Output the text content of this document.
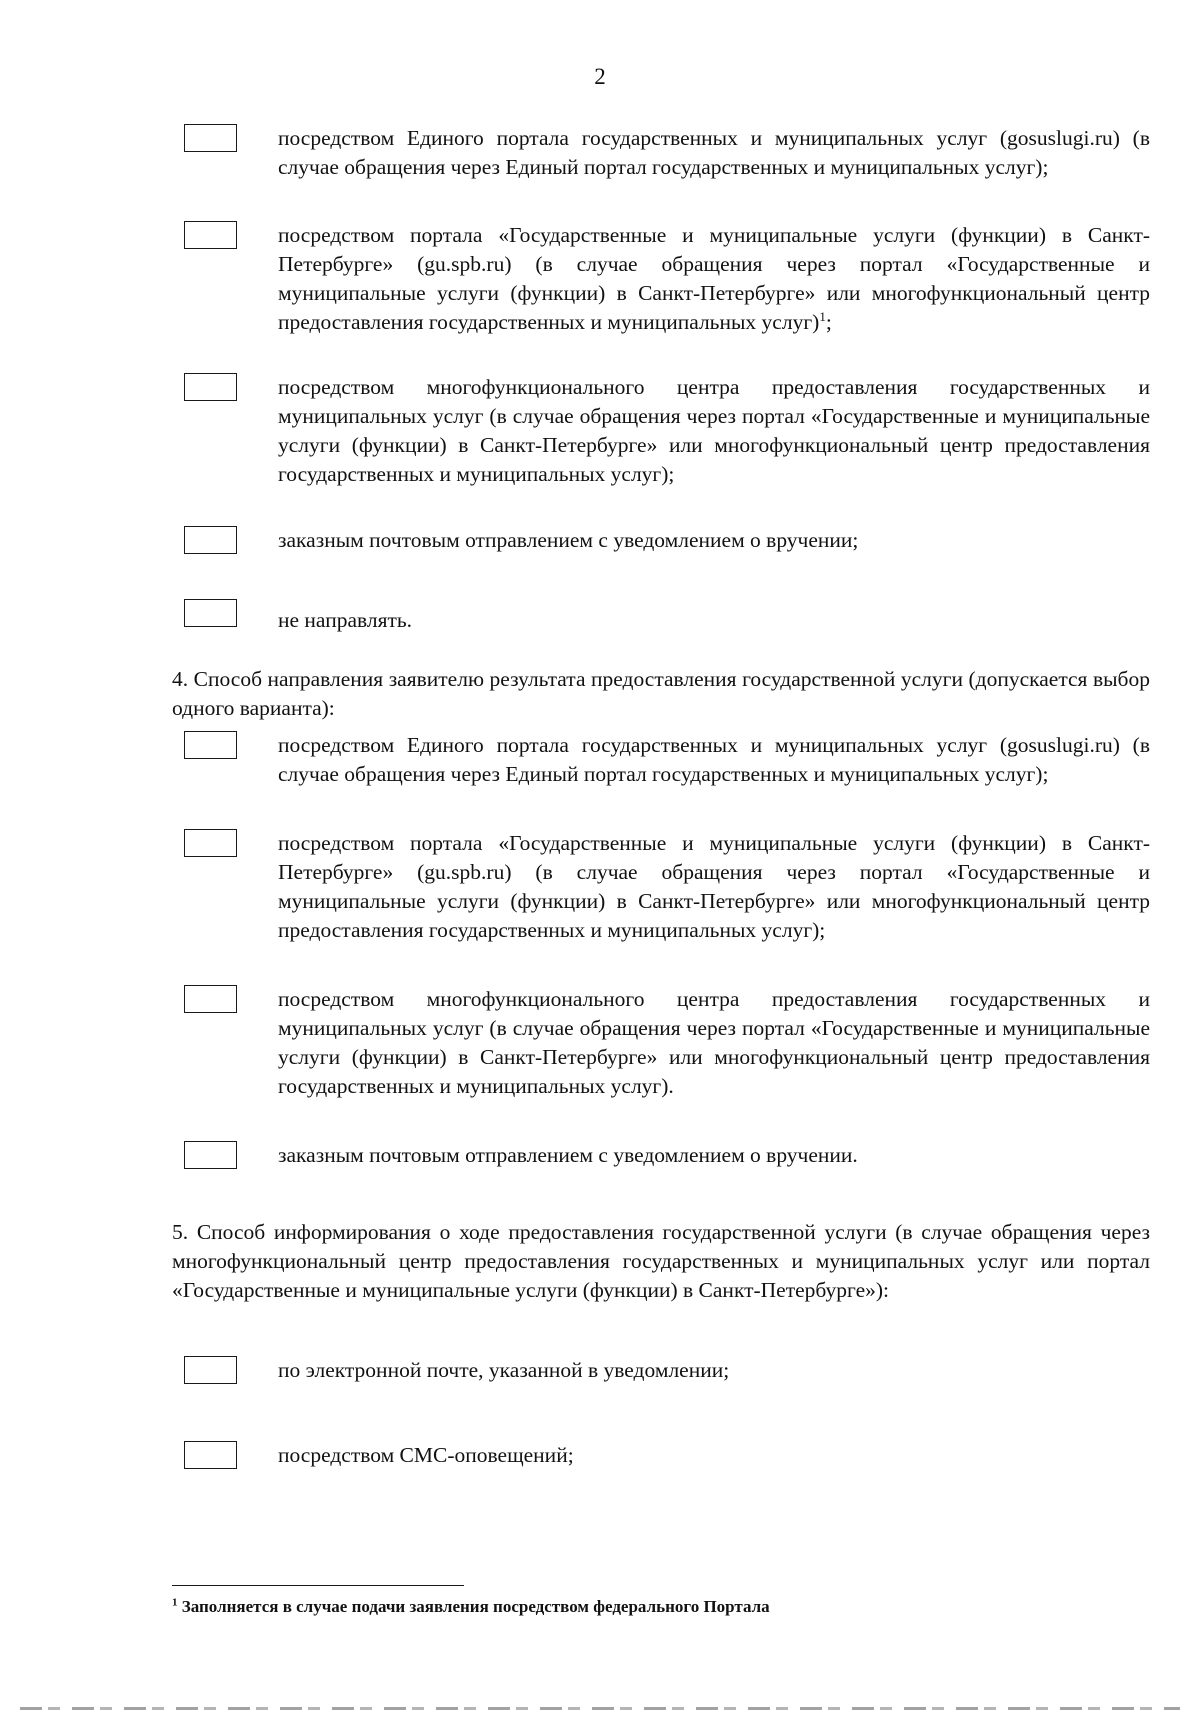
2

посредством Единого портала государственных и муниципальных услуг (gosuslugi.ru) (в случае обращения через Единый портал государственных и муниципальных услуг);

посредством портала «Государственные и муниципальные услуги (функции) в Санкт-Петербурге» (gu.spb.ru) (в случае обращения через портал «Государственные и муниципальные услуги (функции) в Санкт-Петербурге» или многофункциональный центр предоставления государственных и муниципальных услуг)$^1$;

посредством многофункционального центра предоставления государственных и муниципальных услуг (в случае обращения через портал «Государственные и муниципальные услуги (функции) в Санкт-Петербурге» или многофункциональный центр предоставления государственных и муниципальных услуг);

заказным почтовым отправлением с уведомлением о вручении;

не направлять.

4. Способ направления заявителю результата предоставления государственной услуги (допускается выбор одного варианта):

посредством Единого портала государственных и муниципальных услуг (gosuslugi.ru) (в случае обращения через Единый портал государственных и муниципальных услуг);

посредством портала «Государственные и муниципальные услуги (функции) в Санкт-Петербурге» (gu.spb.ru) (в случае обращения через портал «Государственные и муниципальные услуги (функции) в Санкт-Петербурге» или многофункциональный центр предоставления государственных и муниципальных услуг);

посредством многофункционального центра предоставления государственных и муниципальных услуг (в случае обращения через портал «Государственные и муниципальные услуги (функции) в Санкт-Петербурге» или многофункциональный центр предоставления государственных и муниципальных услуг).

заказным почтовым отправлением с уведомлением о вручении.

5. Способ информирования о ходе предоставления государственной услуги (в случае обращения через многофункциональный центр предоставления государственных и муниципальных услуг или портал «Государственные и муниципальные услуги (функции) в Санкт-Петербурге»):

по электронной почте, указанной в уведомлении;

посредством СМС-оповещений;

$^1$ Заполняется в случае подачи заявления посредством федерального Портала
